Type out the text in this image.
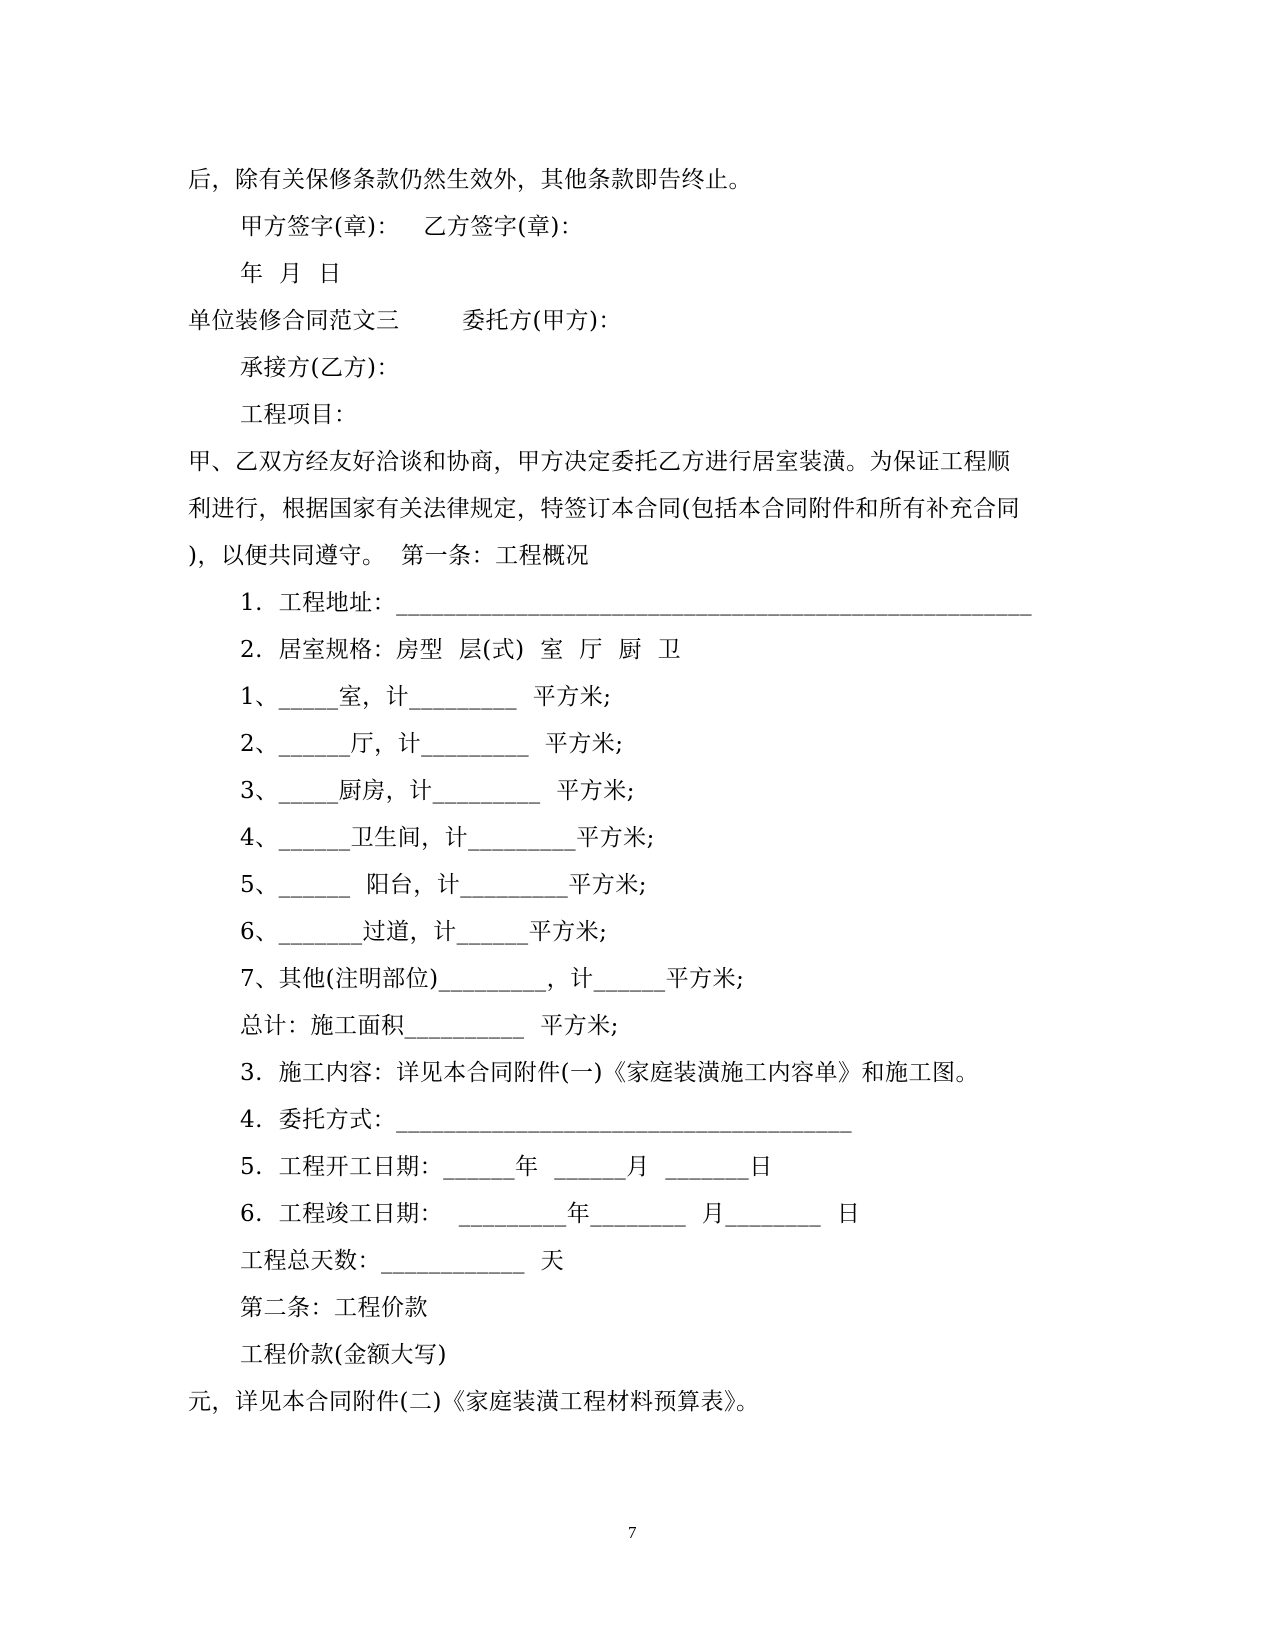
后，除有关保修条款仍然生效外，其他条款即告终止。
甲方签字(章)：   乙方签字(章)：
年  月  日
单位装修合同范文三        委托方(甲方)：
承接方(乙方)：
工程项目：
甲、乙双方经友好洽谈和协商，甲方决定委托乙方进行居室装潢。为保证工程顺
利进行，根据国家有关法律规定，特签订本合同(包括本合同附件和所有补充合同
)，以便共同遵守。  第一条：工程概况
1.  工程地址：_____________________________________________________
2.  居室规格：房型  层(式)  室  厅  厨  卫
1、_____室，计_________  平方米;
2、______厅，计_________  平方米;
3、_____厨房，计_________  平方米;
4、______卫生间，计_________平方米;
5、______  阳台，计_________平方米;
6、_______过道，计______平方米;
7、其他(注明部位)_________，计______平方米;
总计：施工面积__________  平方米;
3.  施工内容：详见本合同附件(一)《家庭装潢施工内容单》和施工图。
4.  委托方式：______________________________________
5.  工程开工日期：______年  ______月  _______日
6.  工程竣工日期：  _________年________  月________  日
工程总天数：____________  天
第二条：工程价款
工程价款(金额大写)
元，详见本合同附件(二)《家庭装潢工程材料预算表》。
7
